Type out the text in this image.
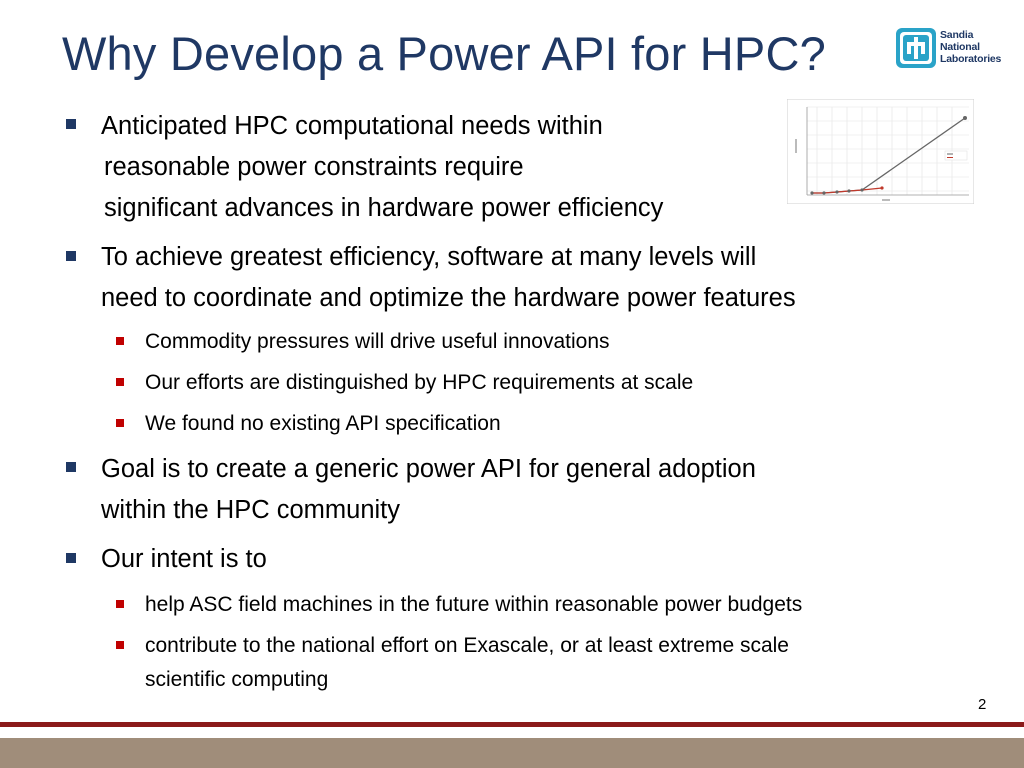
Why Develop a Power API for HPC?	Sandia
National
Laboratories
Anticipated HPC computational needs within
reasonable power constraints require
significant advances in hardware power efficiency
To achieve greatest efficiency, software at many levels will
need to coordinate and optimize the hardware power features
Commodity pressures will drive useful innovations
Our efforts are distinguished by HPC requirements at scale
We found no existing API specification
Goal is to create a generic power API for general adoption
within the HPC community
Our intent is to
help ASC field machines in the future within reasonable power budgets
contribute to the national effort on Exascale, or at least extreme scale
scientific computing
2
